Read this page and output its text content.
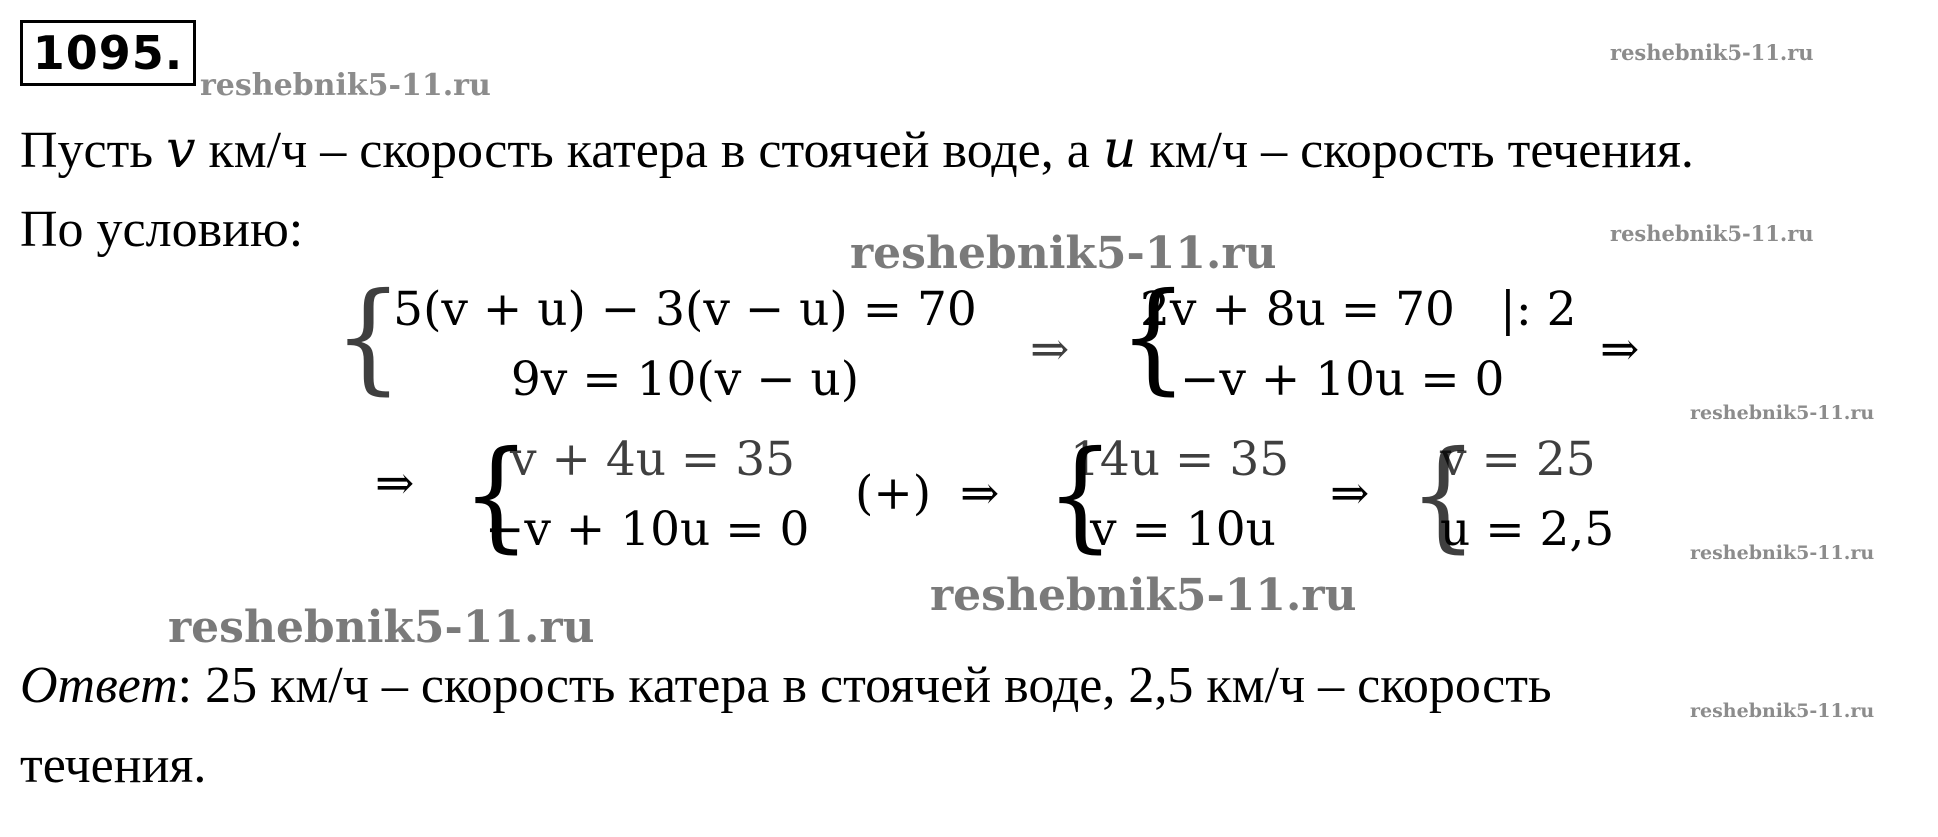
1095.
reshebnik5-11.ru
reshebnik5-11.ru
reshebnik5-11.ru
reshebnik5-11.ru
reshebnik5-11.ru
reshebnik5-11.ru
reshebnik5-11.ru
reshebnik5-11.ru
reshebnik5-11.ru
Пусть v км/ч – скорость катера в стоячей воде, а u км/ч – скорость течения.
По условию:
{
5(v + u) − 3(v − u) = 70
9v = 10(v − u)
⇒ {
2v + 8u = 70 |: 2
−v + 10u = 0
⇒
⇒ {
v + 4u = 35
−v + 10u = 0
(+) ⇒ {
14u = 35
v = 10u
⇒ {
v = 25
u = 2,5
Ответ: 25 км/ч – скорость катера в стоячей воде, 2,5 км/ч – скорость
течения.
